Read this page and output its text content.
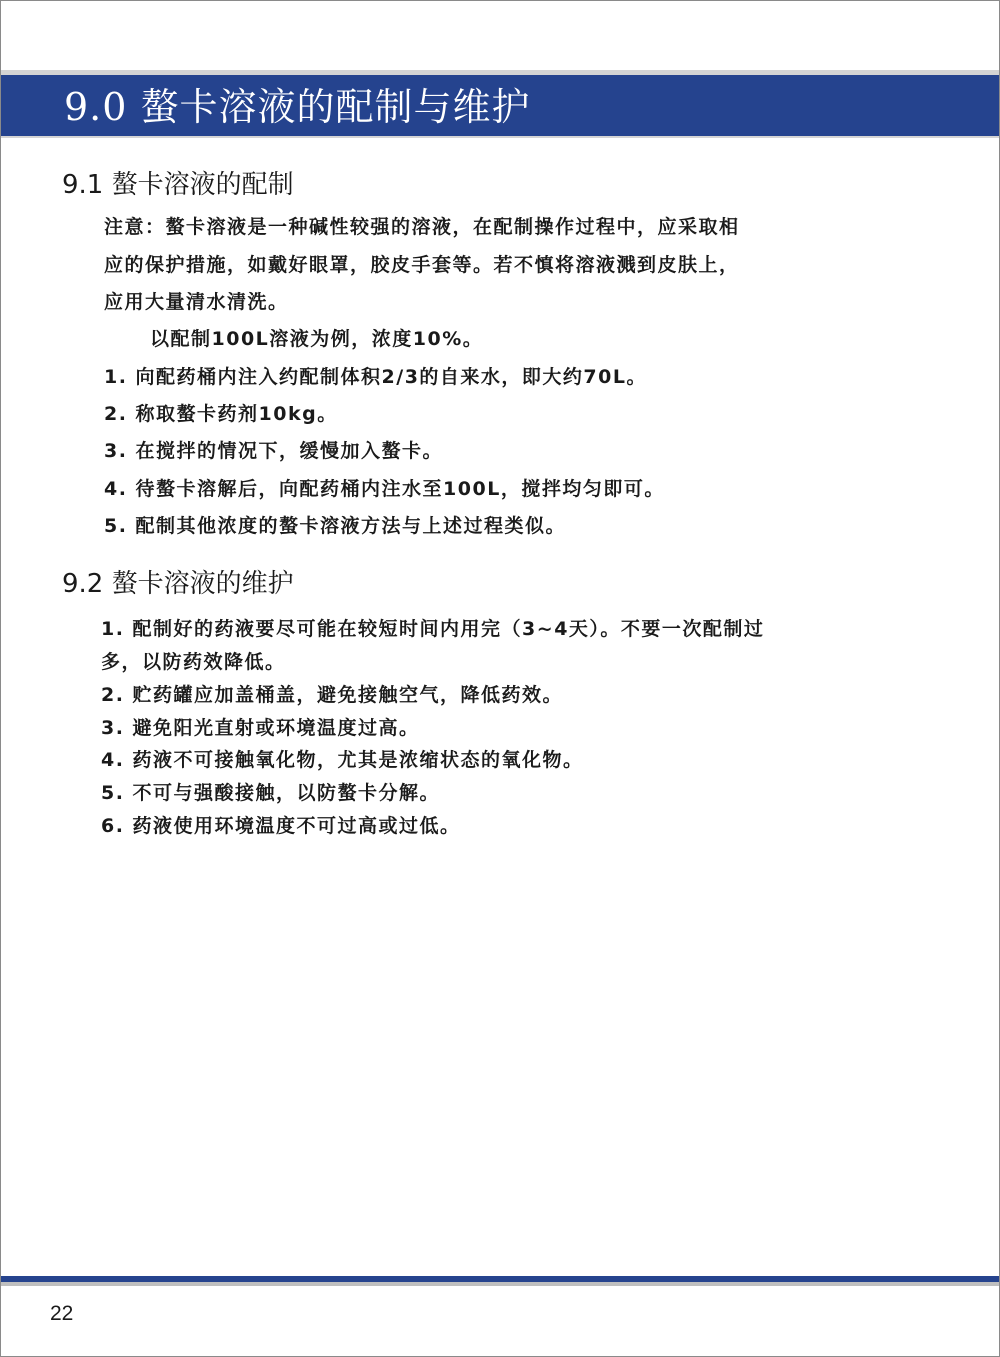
9.0 螯卡溶液的配制与维护
9.1 螯卡溶液的配制
注意：螯卡溶液是一种碱性较强的溶液，在配制操作过程中，应采取相
应的保护措施，如戴好眼罩，胶皮手套等。若不慎将溶液溅到皮肤上，
应用大量清水清洗。
以配制100L溶液为例，浓度10%。
1. 向配药桶内注入约配制体积2/3的自来水，即大约70L。
2. 称取螯卡药剂10kg。
3. 在搅拌的情况下，缓慢加入螯卡。
4. 待螯卡溶解后，向配药桶内注水至100L，搅拌均匀即可。
5. 配制其他浓度的螯卡溶液方法与上述过程类似。
9.2 螯卡溶液的维护
1. 配制好的药液要尽可能在较短时间内用完（3~4天）。不要一次配制过
多，以防药效降低。
2. 贮药罐应加盖桶盖，避免接触空气，降低药效。
3. 避免阳光直射或环境温度过高。
4. 药液不可接触氧化物，尤其是浓缩状态的氧化物。
5. 不可与强酸接触，以防螯卡分解。
6. 药液使用环境温度不可过高或过低。
22
